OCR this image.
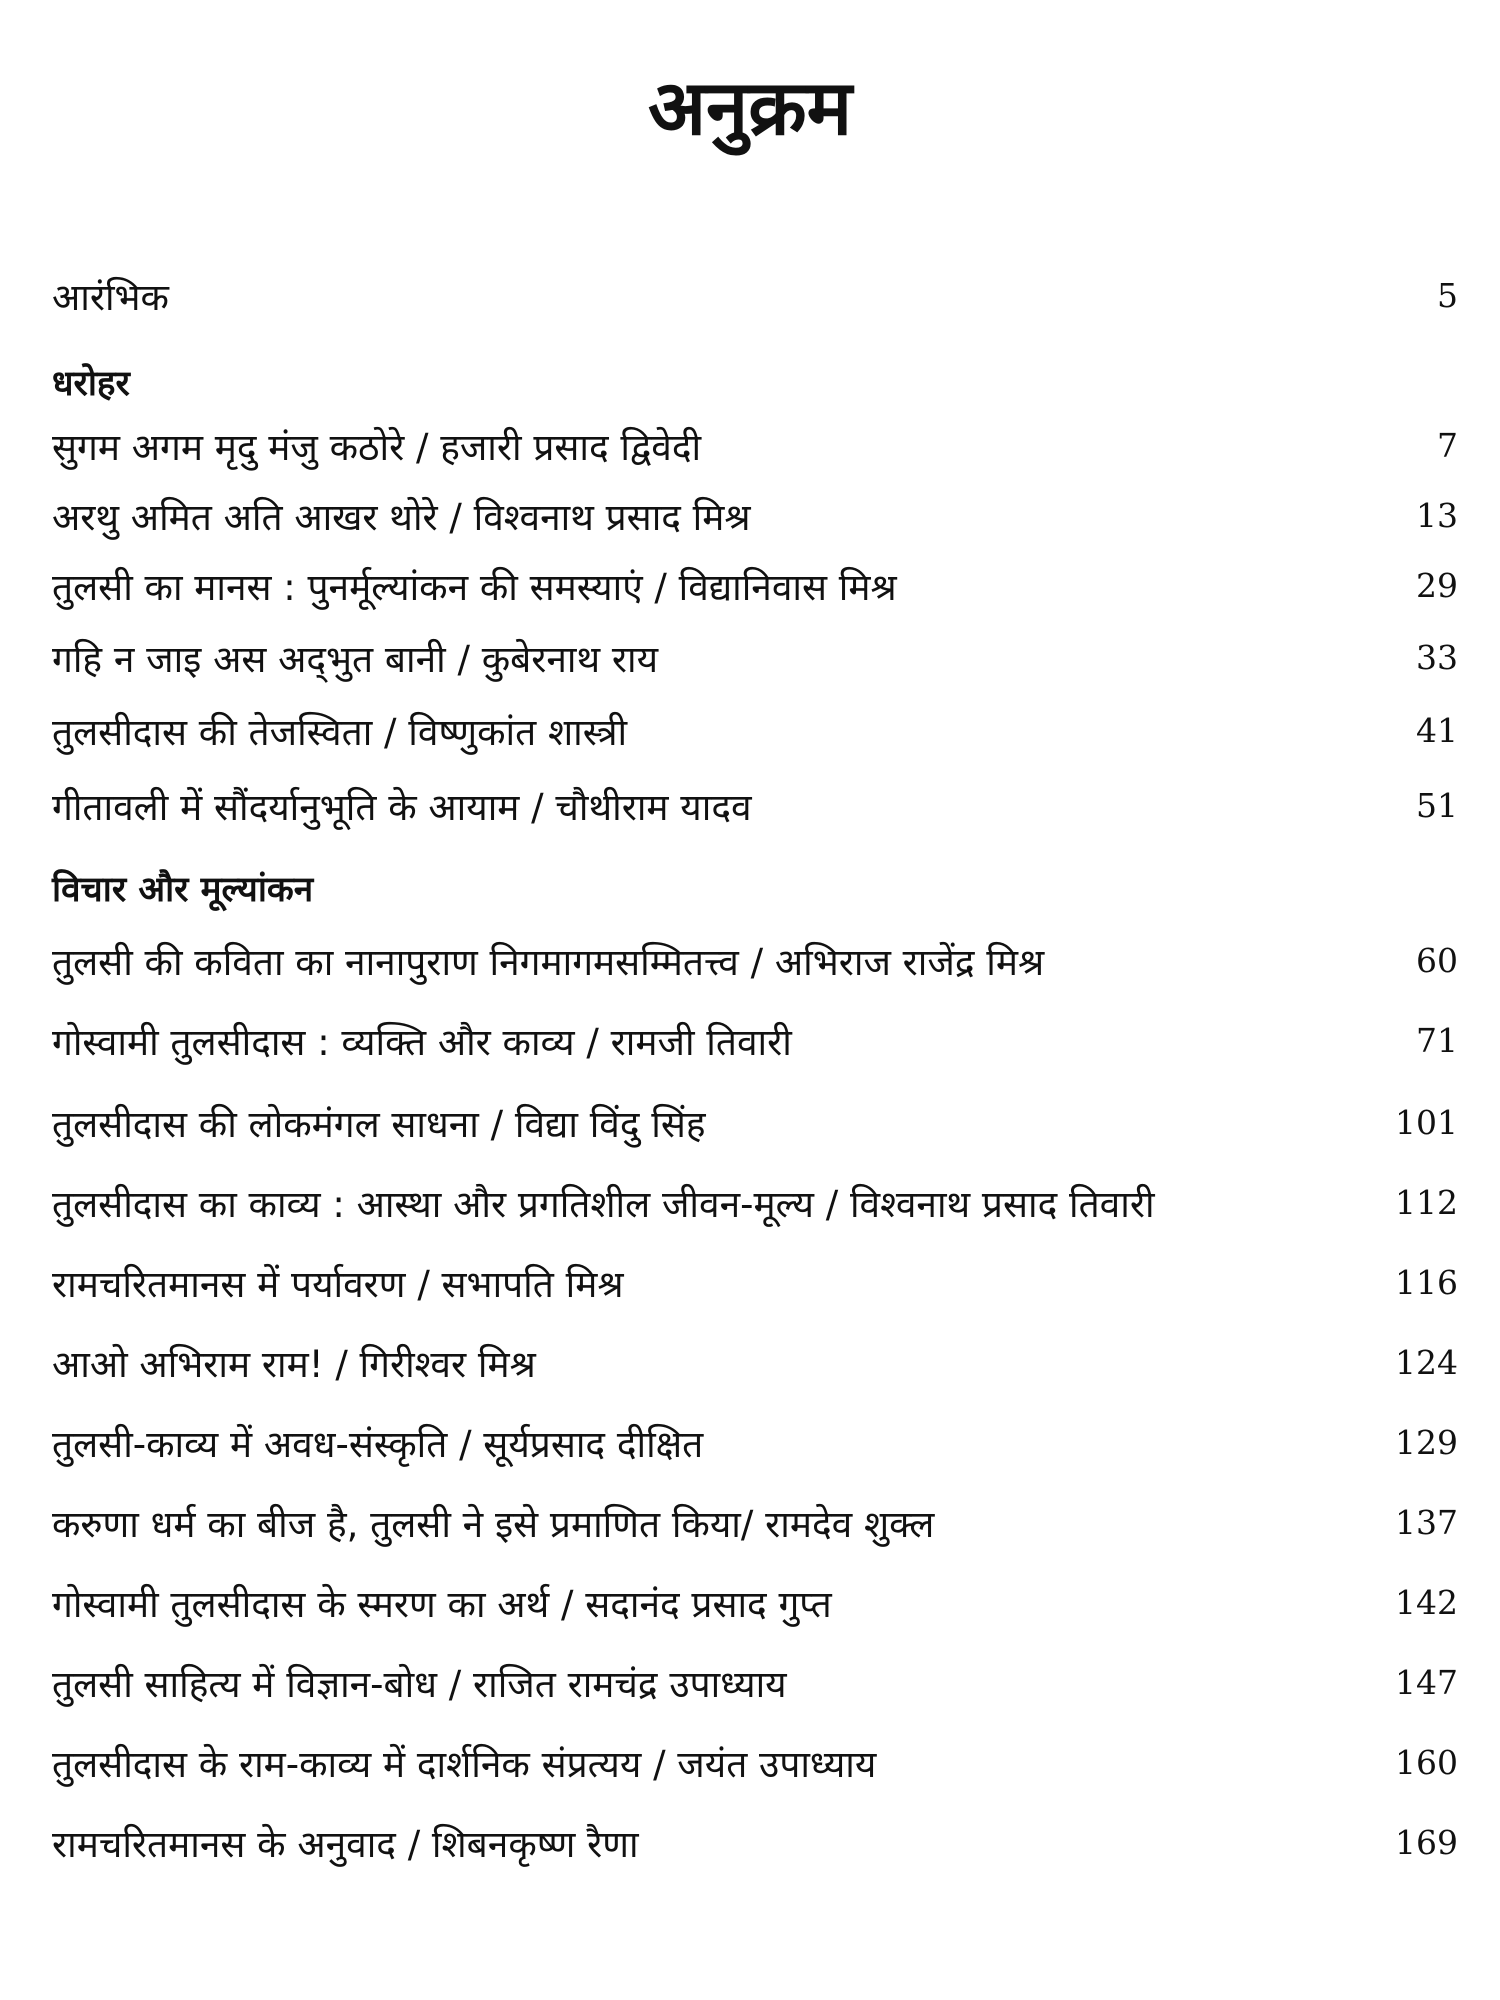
अनुक्रम
आरंभिक	5
धरोहर
सुगम अगम मृदु मंजु कठोरे / हजारी प्रसाद द्विवेदी	7
अरथु अमित अति आखर थोरे / विश्वनाथ प्रसाद मिश्र	13
तुलसी का मानस : पुनर्मूल्यांकन की समस्याएं / विद्यानिवास मिश्र	29
गहि न जाइ अस अद्‌भुत बानी / कुबेरनाथ राय	33
तुलसीदास की तेजस्विता / विष्णुकांत शास्त्री	41
गीतावली में सौंदर्यानुभूति के आयाम / चौथीराम यादव	51
विचार और मूल्यांकन
तुलसी की कविता का नानापुराण निगमागमसम्मितत्त्व / अभिराज राजेंद्र मिश्र	60
गोस्वामी तुलसीदास : व्यक्ति और काव्य / रामजी तिवारी	71
तुलसीदास की लोकमंगल साधना / विद्या विंदु सिंह	101
तुलसीदास का काव्य : आस्था और प्रगतिशील जीवन-मूल्य / विश्वनाथ प्रसाद तिवारी	112
रामचरितमानस में पर्यावरण / सभापति मिश्र	116
आओ अभिराम राम! / गिरीश्वर मिश्र	124
तुलसी-काव्य में अवध-संस्कृति / सूर्यप्रसाद दीक्षित	129
करुणा धर्म का बीज है, तुलसी ने इसे प्रमाणित किया/ रामदेव शुक्ल	137
गोस्वामी तुलसीदास के स्मरण का अर्थ / सदानंद प्रसाद गुप्त	142
तुलसी साहित्य में विज्ञान-बोध / राजित रामचंद्र उपाध्याय	147
तुलसीदास के राम-काव्य में दार्शनिक संप्रत्यय / जयंत उपाध्याय	160
रामचरितमानस के अनुवाद / शिबनकृष्ण रैणा	169
